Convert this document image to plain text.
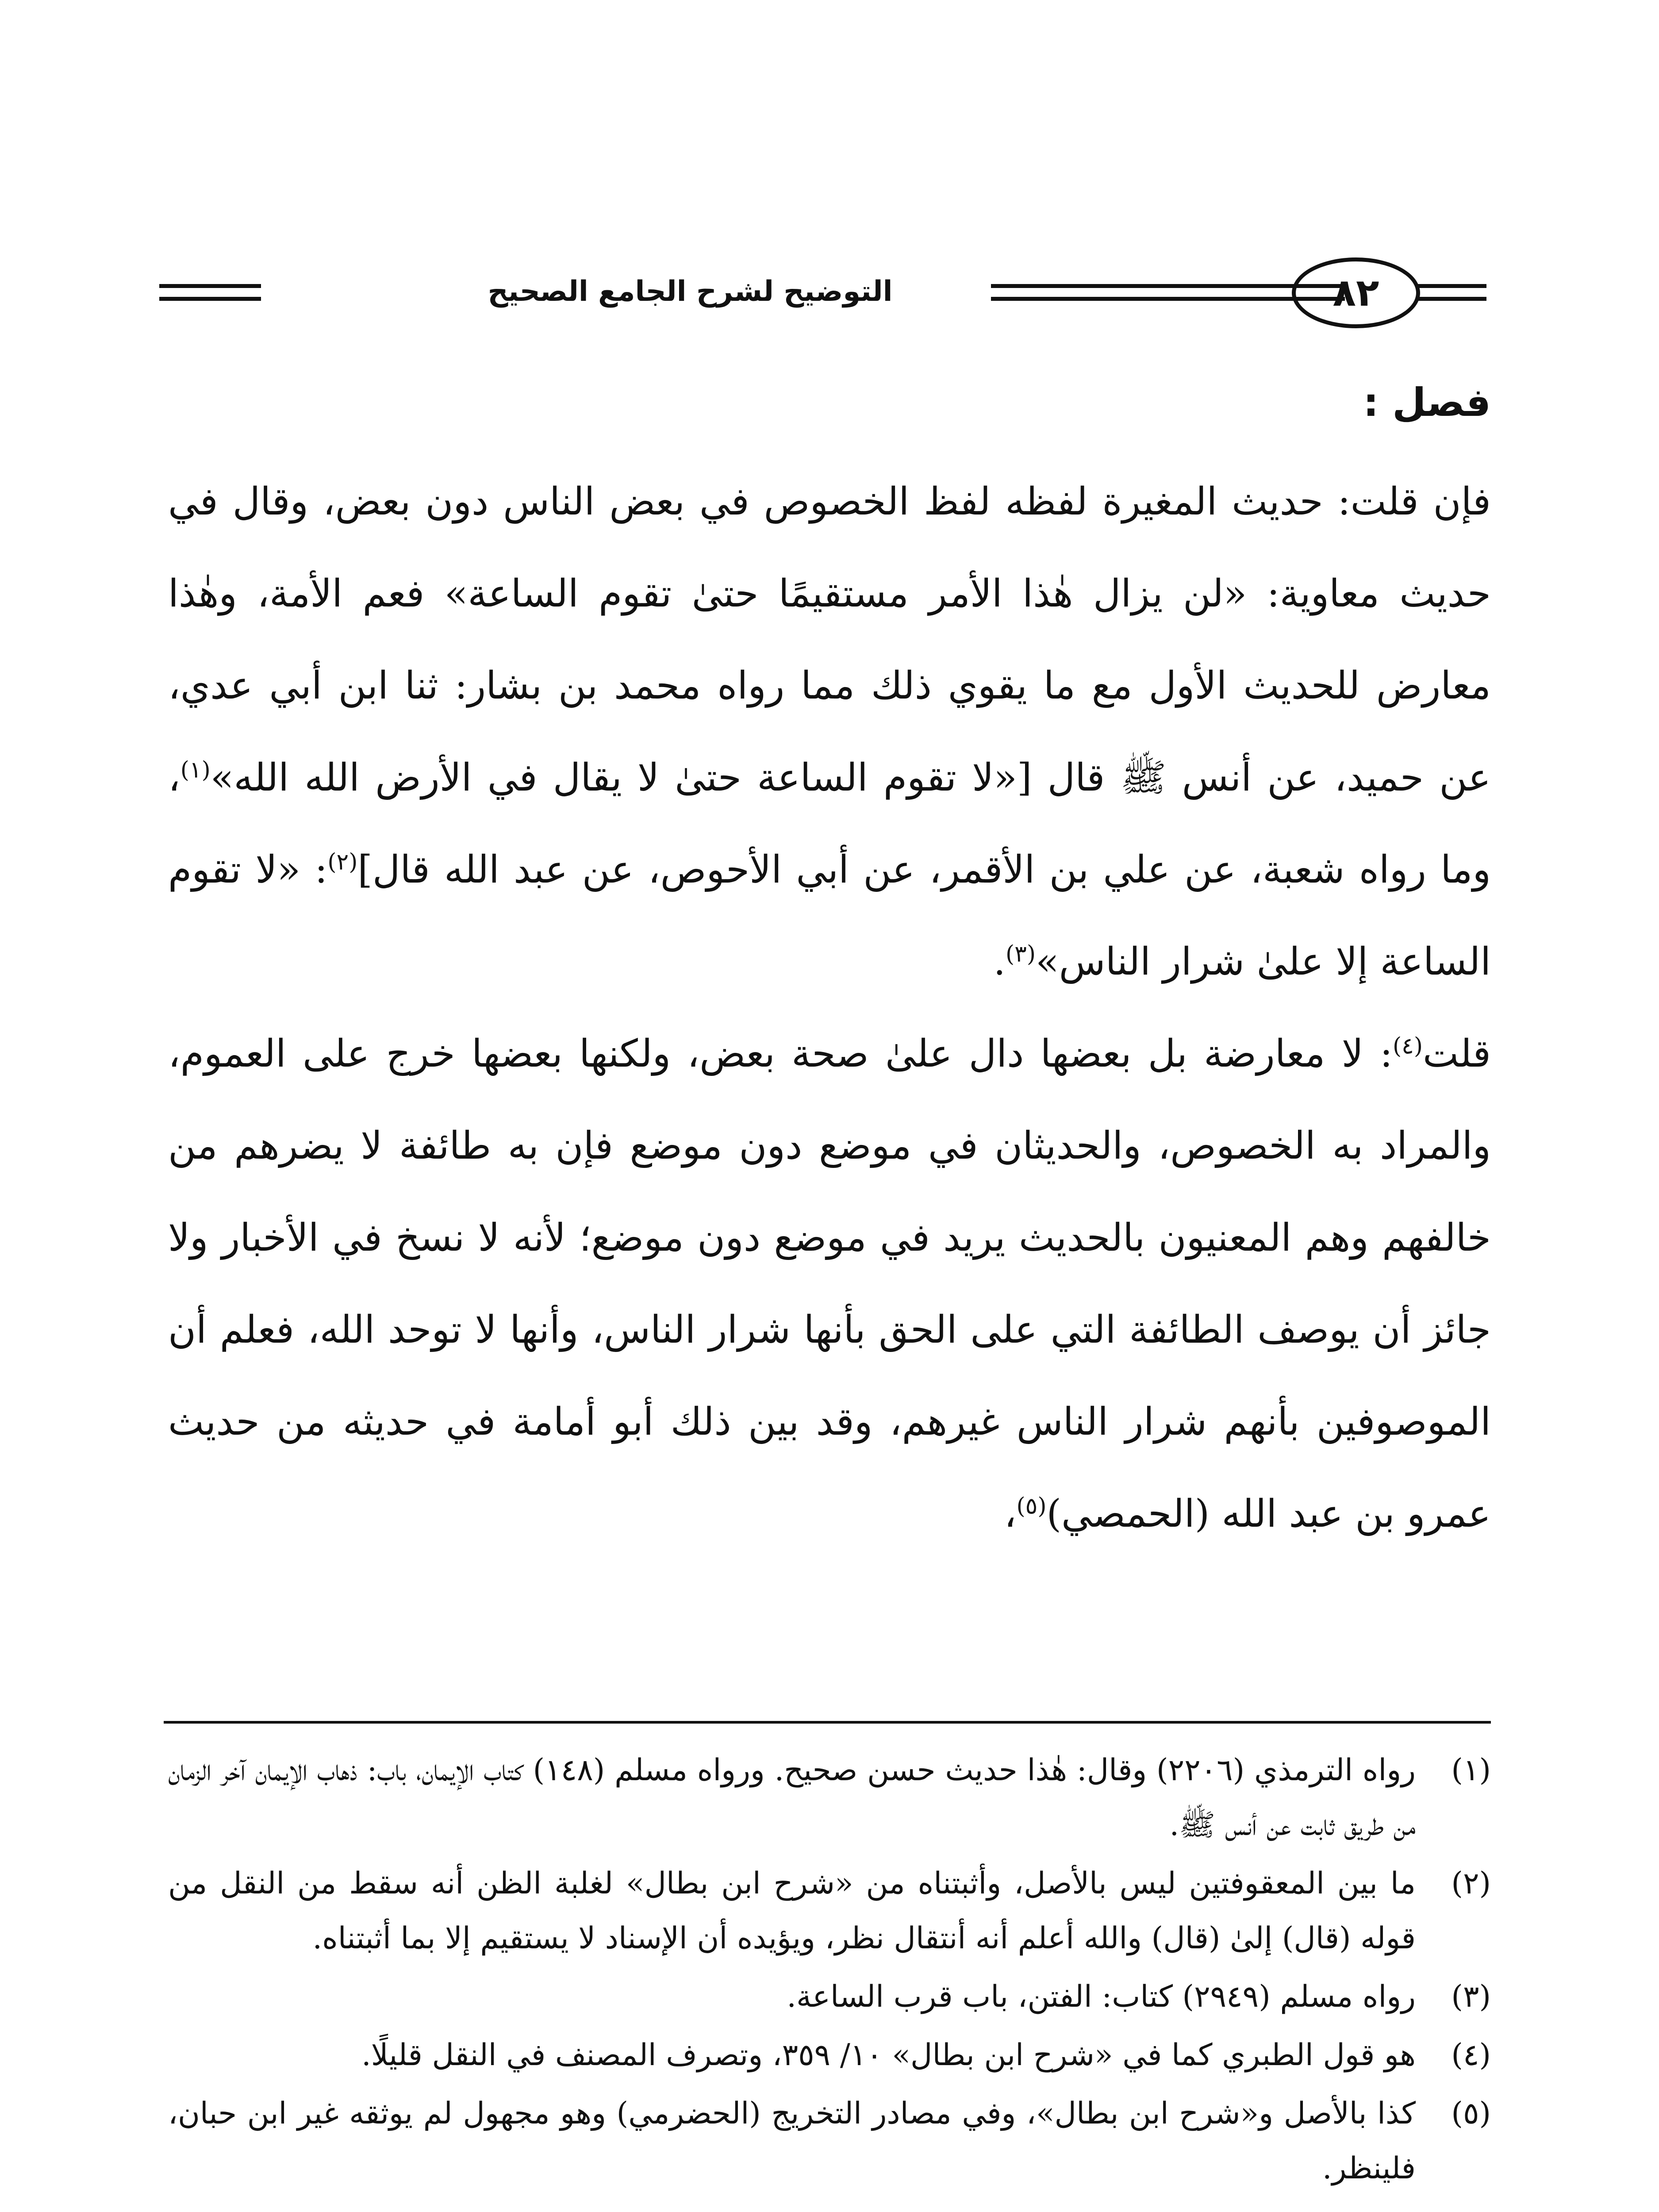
التوضيح لشرح الجامع الصحيح	٨٢
فصل :

فإن قلت: حديث المغيرة لفظه لفظ الخصوص في بعض الناس دون بعض، وقال في حديث معاوية: «لن يزال هٰذا الأمر مستقيمًا حتىٰ تقوم الساعة» فعم الأمة، وهٰذا معارض للحديث الأول مع ما يقوي ذلك مما رواه محمد بن بشار: ثنا ابن أبي عدي، عن حميد، عن أنس ﷺ قال [«لا تقوم الساعة حتىٰ لا يقال في الأرض الله الله»$^{(١)}$، وما رواه شعبة، عن علي بن الأقمر، عن أبي الأحوص، عن عبد الله قال]$^{(٢)}$: «لا تقوم الساعة إلا علىٰ شرار الناس»$^{(٣)}$.

قلت$^{(٤)}$: لا معارضة بل بعضها دال علىٰ صحة بعض، ولكنها بعضها خرج على العموم، والمراد به الخصوص، والحديثان في موضع دون موضع فإن به طائفة لا يضرهم من خالفهم وهم المعنيون بالحديث يريد في موضع دون موضع؛ لأنه لا نسخ في الأخبار ولا جائز أن يوصف الطائفة التي على الحق بأنها شرار الناس، وأنها لا توحد الله، فعلم أن الموصوفين بأنهم شرار الناس غيرهم، وقد بين ذلك أبو أمامة في حديثه من حديث عمرو بن عبد الله (الحمصي)$^{(٥)}$،

(١)
رواه الترمذي (٢٢٠٦) وقال: هٰذا حديث حسن صحيح. ورواه مسلم (١٤٨) كتاب الإيمان، باب: ذهاب الإيمان آخر الزمان من طريق ثابت عن أنس ﷺ.
(٢)
ما بين المعقوفتين ليس بالأصل، وأثبتناه من «شرح ابن بطال» لغلبة الظن أنه سقط من النقل من قوله (قال) إلىٰ (قال) والله أعلم أنه أنتقال نظر، ويؤيده أن الإسناد لا يستقيم إلا بما أثبتناه.
(٣)
رواه مسلم (٢٩٤٩) كتاب: الفتن، باب قرب الساعة.
(٤)
هو قول الطبري كما في «شرح ابن بطال» ١٠/ ٣٥٩، وتصرف المصنف في النقل قليلًا.
(٥)
كذا بالأصل و«شرح ابن بطال»، وفي مصادر التخريج (الحضرمي) وهو مجهول لم يوثقه غير ابن حبان، فلينظر.
